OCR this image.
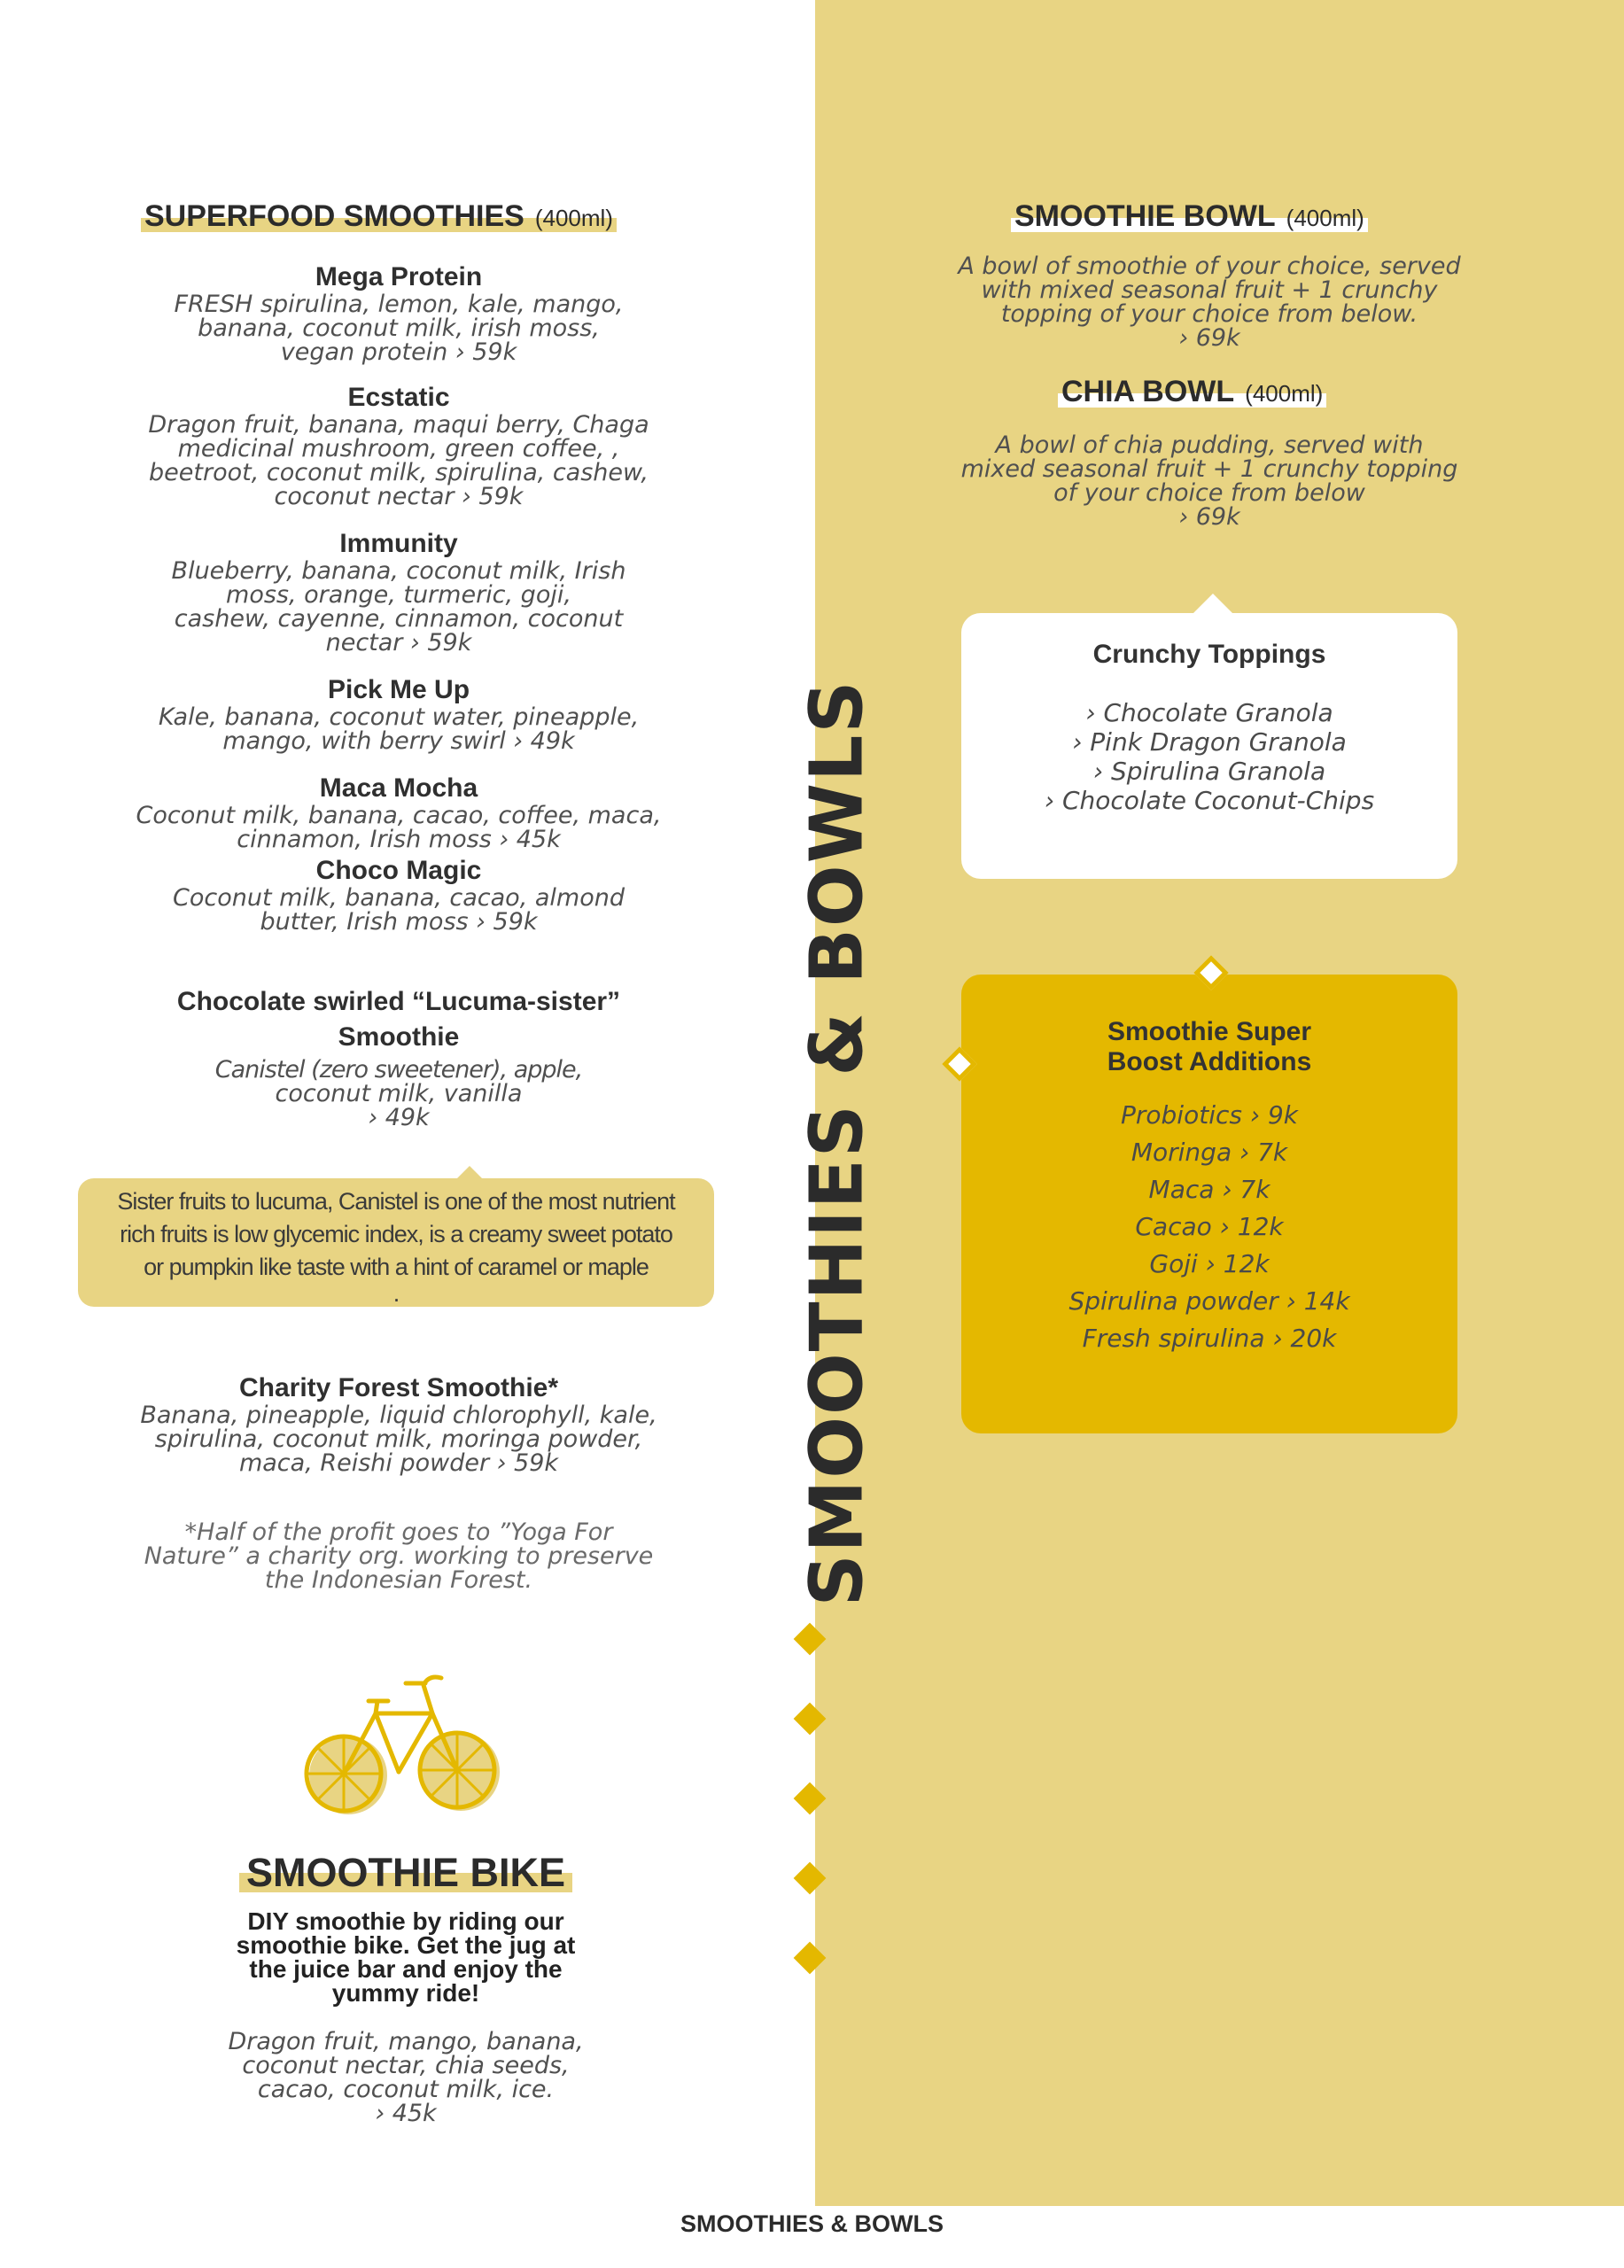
SUPERFOOD SMOOTHIES (400ml)
Mega Protein
FRESH spirulina, lemon, kale, mango,
banana, coconut milk, irish moss,
vegan protein › 59k
Ecstatic
Dragon fruit, banana, maqui berry, Chaga
medicinal mushroom, green coffee, ,
beetroot, coconut milk, spirulina, cashew,
coconut nectar › 59k
Immunity
Blueberry, banana, coconut milk, Irish
moss, orange, turmeric, goji,
cashew, cayenne, cinnamon, coconut
nectar › 59k
Pick Me Up
Kale, banana, coconut water, pineapple,
mango, with berry swirl › 49k
Maca Mocha
Coconut milk, banana, cacao, coffee, maca,
cinnamon, Irish moss › 45k
Choco Magic
Coconut milk, banana, cacao, almond
butter, Irish moss › 59k
Chocolate swirled “Lucuma-sister”
Smoothie
Canistel (zero sweetener), apple,
coconut milk, vanilla
› 49k
Sister fruits to lucuma, Canistel is one of the most nutrient
rich fruits is low glycemic index, is a creamy sweet potato
or pumpkin like taste with a hint of caramel or maple
.
Charity Forest Smoothie*
Banana, pineapple, liquid chlorophyll, kale,
spirulina, coconut milk, moringa powder,
maca, Reishi powder › 59k
*Half of the profit goes to ”Yoga For
Nature” a charity org. working to preserve
the Indonesian Forest.
SMOOTHIE BIKE
DIY smoothie by riding our
smoothie bike. Get the jug at
the juice bar and enjoy the
yummy ride!
Dragon fruit, mango, banana,
coconut nectar, chia seeds,
cacao, coconut milk, ice.
› 45k
SMOOTHIES & BOWLS
SMOOTHIE BOWL (400ml)
A bowl of smoothie of your choice, served
with mixed seasonal fruit + 1 crunchy
topping of your choice from below.
› 69k
CHIA BOWL (400ml)
A bowl of chia pudding, served with
mixed seasonal fruit + 1 crunchy topping
of your choice from below
› 69k
Crunchy Toppings
› Chocolate Granola
› Pink Dragon Granola
› Spirulina Granola
› Chocolate Coconut-Chips
Smoothie Super
Boost Additions
Probiotics › 9k
Moringa › 7k
Maca › 7k
Cacao › 12k
Goji › 12k
Spirulina powder › 14k
Fresh spirulina › 20k
SMOOTHIES & BOWLS
